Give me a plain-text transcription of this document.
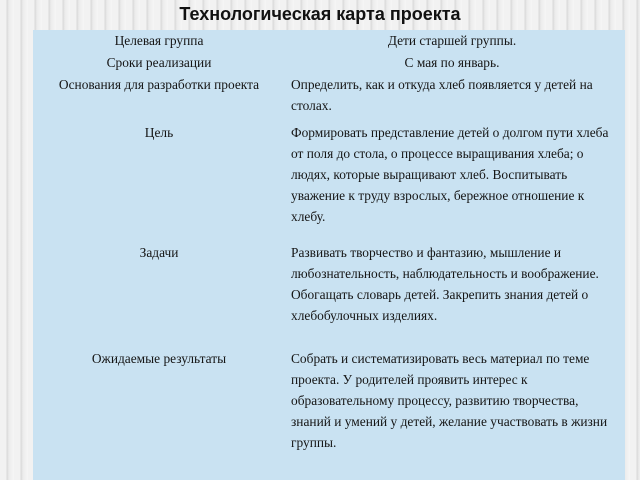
Технологическая карта проекта
Целевая группа	Дети старшей группы.
Сроки реализации	С мая по январь.
Основания для разработки проекта	Определить, как и откуда хлеб появляется у детей на столах.
Цель	Формировать представление детей о долгом пути хлеба от поля до стола, о процессе выращивания хлеба; о людях, которые выращивают хлеб. Воспитывать уважение к труду взрослых, бережное отношение к хлебу.
Задачи	Развивать творчество и фантазию, мышление и любознательность, наблюдательность и воображение. Обогащать словарь детей. Закрепить знания детей о хлебобулочных изделиях.
Ожидаемые результаты	Собрать и систематизировать весь материал по теме проекта. У родителей проявить интерес к образовательному процессу, развитию творчества, знаний и умений у детей, желание участвовать в жизни группы.
